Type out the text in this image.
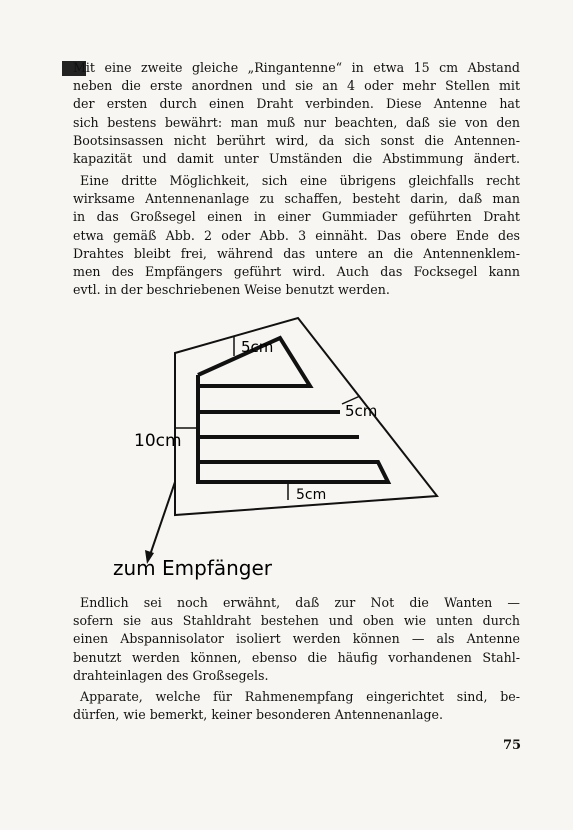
Mit eine zweite gleiche „Ringantenne“ in etwa 15 cm Abstand
neben die erste anordnen und sie an 4 oder mehr Stellen mit
der ersten durch einen Draht verbinden. Diese Antenne hat
sich bestens bewährt: man muß nur beachten, daß sie von den
Bootsinsassen nicht berührt wird, da sich sonst die Antennen-
kapazität und damit unter Umständen die Abstimmung ändert.
Eine dritte Möglichkeit, sich eine übrigens gleichfalls recht
wirksame Antennenanlage zu schaffen, besteht darin, daß man
in das Großsegel einen in einer Gummiader geführten Draht
etwa gemäß Abb. 2 oder Abb. 3 einnäht. Das obere Ende des
Drahtes bleibt frei, während das untere an die Antennenklem-
men des Empfängers geführt wird. Auch das Focksegel kann
evtl. in der beschriebenen Weise benutzt werden.
5cm
5cm
10cm
5cm
zum Empfänger
Endlich sei noch erwähnt, daß zur Not die Wanten —
sofern sie aus Stahldraht bestehen und oben wie unten durch
einen Abspannisolator isoliert werden können — als Antenne
benutzt werden können, ebenso die häufig vorhandenen Stahl-
drahteinlagen des Großsegels.
Apparate, welche für Rahmenempfang eingerichtet sind, be-
dürfen, wie bemerkt, keiner besonderen Antennenanlage.
75
